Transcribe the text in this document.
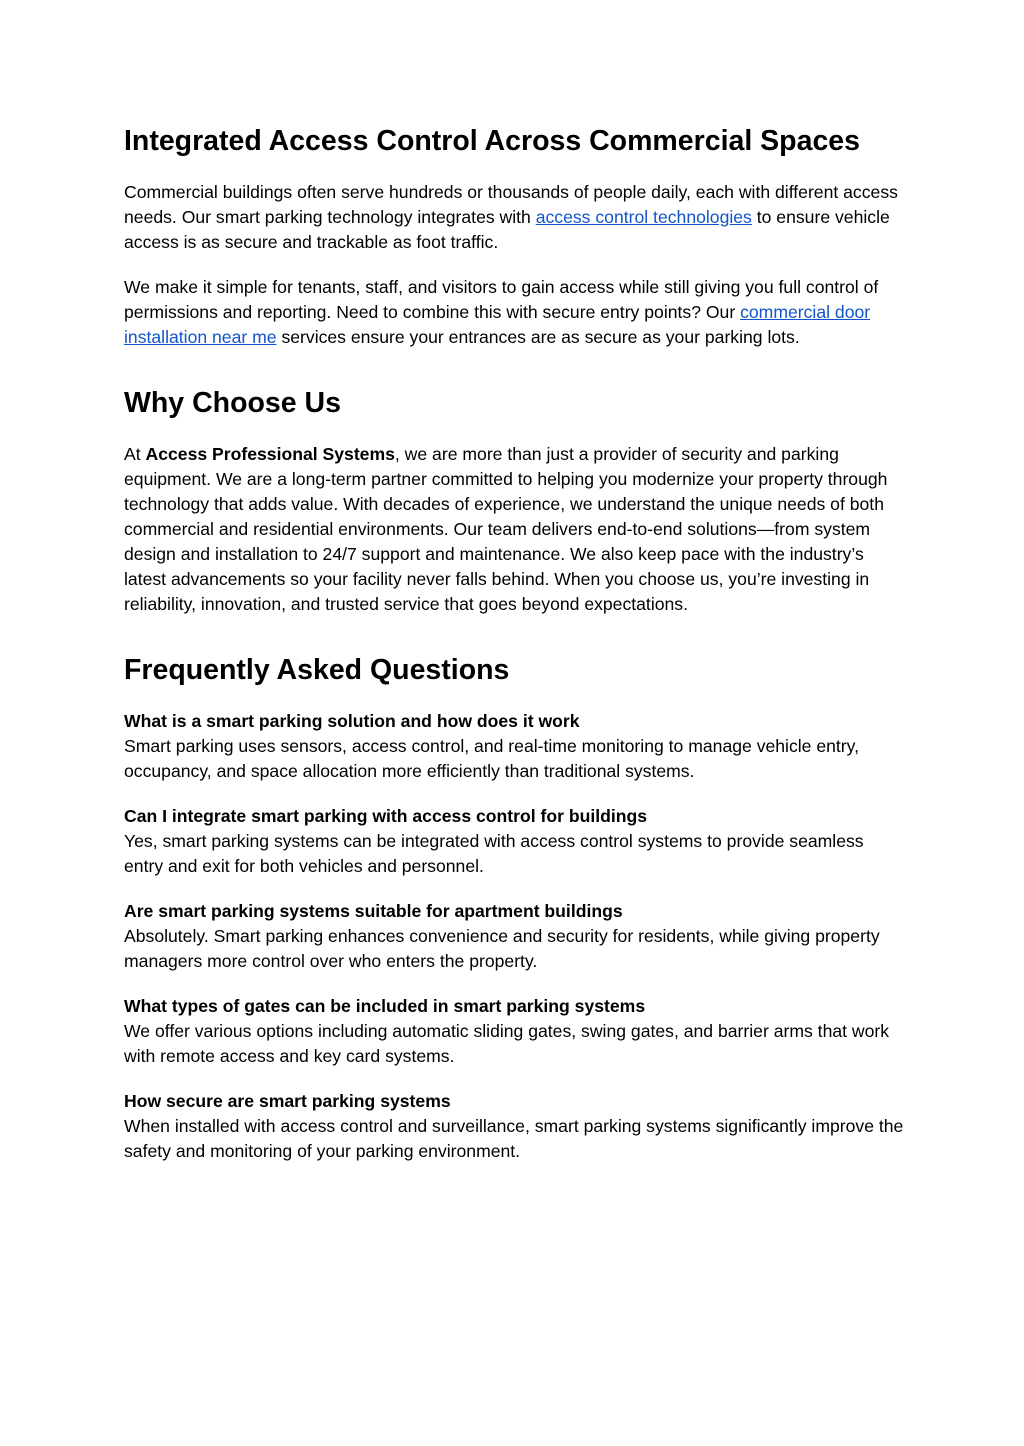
Integrated Access Control Across Commercial Spaces

Commercial buildings often serve hundreds or thousands of people daily, each with different access needs. Our smart parking technology integrates with access control technologies to ensure vehicle access is as secure and trackable as foot traffic.

We make it simple for tenants, staff, and visitors to gain access while still giving you full control of permissions and reporting. Need to combine this with secure entry points? Our commercial door installation near me services ensure your entrances are as secure as your parking lots.

Why Choose Us

At Access Professional Systems, we are more than just a provider of security and parking equipment. We are a long-term partner committed to helping you modernize your property through technology that adds value. With decades of experience, we understand the unique needs of both commercial and residential environments. Our team delivers end-to-end solutions—from system design and installation to 24/7 support and maintenance. We also keep pace with the industry’s latest advancements so your facility never falls behind. When you choose us, you’re investing in reliability, innovation, and trusted service that goes beyond expectations.

Frequently Asked Questions

What is a smart parking solution and how does it work
Smart parking uses sensors, access control, and real-time monitoring to manage vehicle entry, occupancy, and space allocation more efficiently than traditional systems.

Can I integrate smart parking with access control for buildings
Yes, smart parking systems can be integrated with access control systems to provide seamless entry and exit for both vehicles and personnel.

Are smart parking systems suitable for apartment buildings
Absolutely. Smart parking enhances convenience and security for residents, while giving property managers more control over who enters the property.

What types of gates can be included in smart parking systems
We offer various options including automatic sliding gates, swing gates, and barrier arms that work with remote access and key card systems.

How secure are smart parking systems
When installed with access control and surveillance, smart parking systems significantly improve the safety and monitoring of your parking environment.
